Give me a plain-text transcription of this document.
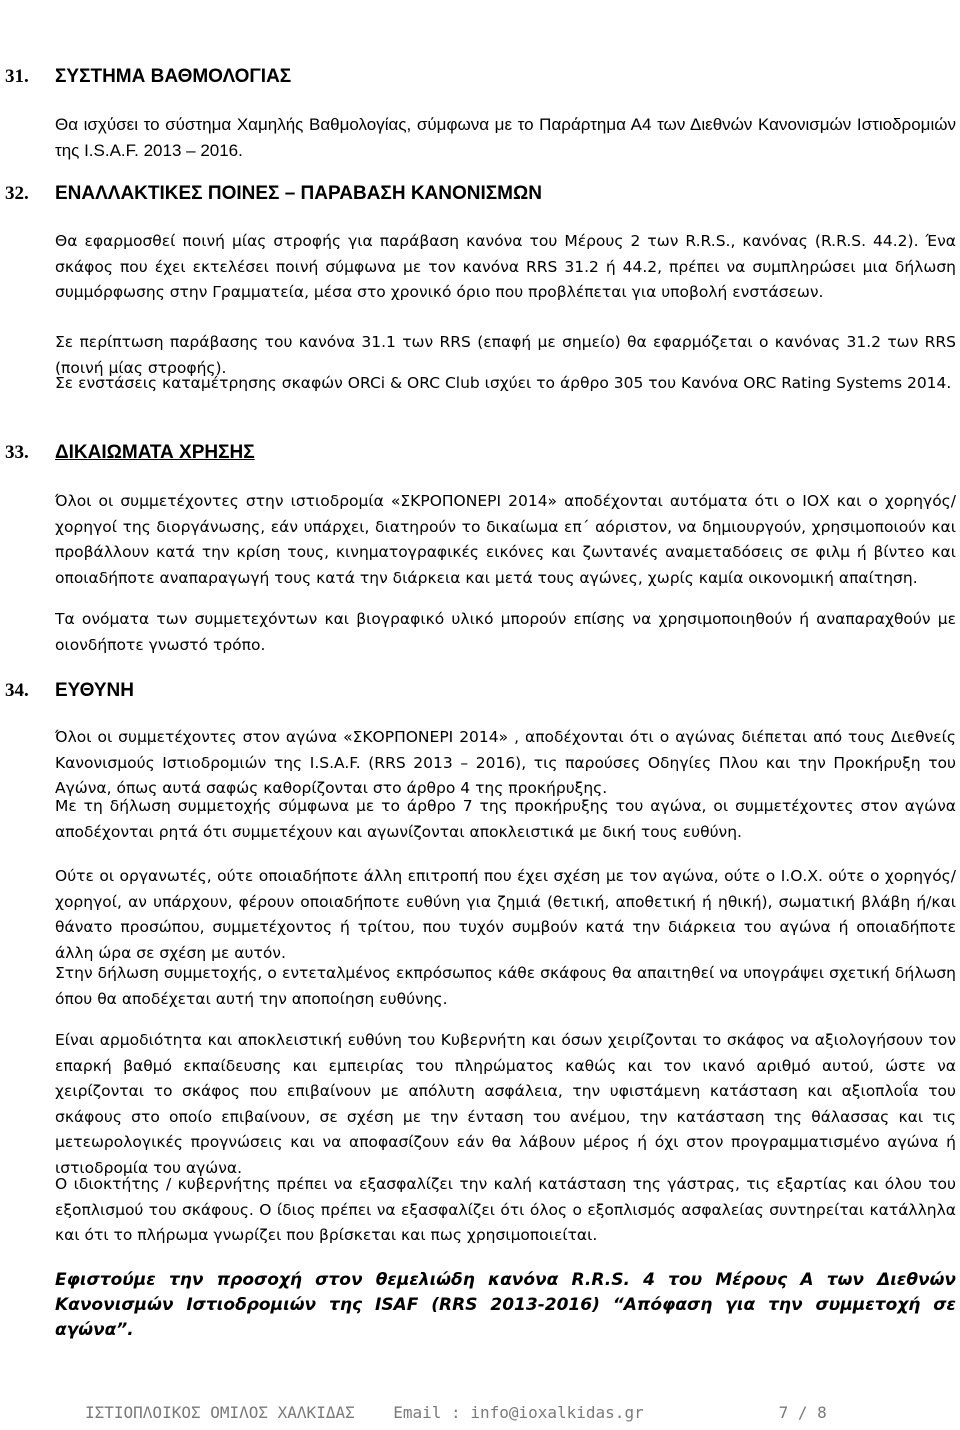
31. ΣΥΣΤΗΜΑ ΒΑΘΜΟΛΟΓΙΑΣ

Θα ισχύσει το σύστημα Χαμηλής Βαθμολογίας, σύμφωνα με το Παράρτημα Α4 των Διεθνών Κανονισμών Ιστιοδρομιών της I.S.A.F. 2013 – 2016.

32. ΕΝΑΛΛΑΚΤΙΚΕΣ ΠΟΙΝΕΣ – ΠΑΡΑΒΑΣΗ ΚΑΝΟΝΙΣΜΩΝ

Θα εφαρμοσθεί ποινή μίας στροφής για παράβαση κανόνα του Μέρους 2 των R.R.S., κανόνας (R.R.S. 44.2). Ένα σκάφος που έχει εκτελέσει ποινή σύμφωνα με τον κανόνα RRS 31.2 ή 44.2, πρέπει να συμπληρώσει μια δήλωση συμμόρφωσης στην Γραμματεία, μέσα στο χρονικό όριο που προβλέπεται για υποβολή ενστάσεων.

Σε περίπτωση παράβασης του κανόνα 31.1 των RRS (επαφή με σημείο) θα εφαρμόζεται ο κανόνας 31.2 των RRS (ποινή μίας στροφής).

Σε ενστάσεις καταμέτρησης σκαφών ORCi & ORC Club ισχύει το άρθρο 305 του Κανόνα ORC Rating Systems 2014.

33. ΔΙΚΑΙΩΜΑΤΑ ΧΡΗΣΗΣ

Όλοι οι συμμετέχοντες στην ιστιοδρομία «ΣΚΡΟΠΟΝΕΡΙ 2014» αποδέχονται αυτόματα ότι ο ΙΟΧ και ο χορηγός/χορηγοί της διοργάνωσης, εάν υπάρχει, διατηρούν το δικαίωμα επ΄ αόριστον, να δημιουργούν, χρησιμοποιούν και προβάλλουν κατά την κρίση τους, κινηματογραφικές εικόνες και ζωντανές αναμεταδόσεις σε φιλμ ή βίντεο και οποιαδήποτε αναπαραγωγή τους κατά την διάρκεια και μετά τους αγώνες, χωρίς καμία οικονομική απαίτηση.

Τα ονόματα των συμμετεχόντων και βιογραφικό υλικό μπορούν επίσης να χρησιμοποιηθούν ή αναπαραχθούν με οιονδήποτε γνωστό τρόπο.

34. ΕΥΘΥΝΗ

Όλοι οι συμμετέχοντες στον αγώνα «ΣΚΟΡΠΟΝΕΡΙ 2014» , αποδέχονται ότι ο αγώνας διέπεται από τους Διεθνείς Κανονισμούς Ιστιοδρομιών της I.S.A.F. (RRS 2013 – 2016), τις παρούσες Οδηγίες Πλου και την Προκήρυξη του Αγώνα, όπως αυτά σαφώς καθορίζονται στο άρθρο 4 της προκήρυξης.

Με τη δήλωση συμμετοχής σύμφωνα με το άρθρο 7 της προκήρυξης του αγώνα, οι συμμετέχοντες στον αγώνα αποδέχονται ρητά ότι συμμετέχουν και αγωνίζονται αποκλειστικά με δική τους ευθύνη.

Ούτε οι οργανωτές, ούτε οποιαδήποτε άλλη επιτροπή που έχει σχέση με τον αγώνα, ούτε ο Ι.Ο.Χ. ούτε ο χορηγός/χορηγοί, αν υπάρχουν, φέρουν οποιαδήποτε ευθύνη για ζημιά (θετική, αποθετική ή ηθική), σωματική βλάβη ή/και θάνατο προσώπου, συμμετέχοντος ή τρίτου, που τυχόν συμβούν κατά την διάρκεια του αγώνα ή οποιαδήποτε άλλη ώρα σε σχέση με αυτόν.

Στην δήλωση συμμετοχής, ο εντεταλμένος εκπρόσωπος κάθε σκάφους θα απαιτηθεί να υπογράψει σχετική δήλωση όπου θα αποδέχεται αυτή την αποποίηση ευθύνης.

Είναι αρμοδιότητα και αποκλειστική ευθύνη του Κυβερνήτη και όσων χειρίζονται το σκάφος να αξιολογήσουν τον επαρκή βαθμό εκπαίδευσης και εμπειρίας του πληρώματος καθώς και τον ικανό αριθμό αυτού, ώστε να χειρίζονται το σκάφος που επιβαίνουν με απόλυτη ασφάλεια, την υφιστάμενη κατάσταση και αξιοπλοΐα του σκάφους στο οποίο επιβαίνουν, σε σχέση με την ένταση του ανέμου, την κατάσταση της θάλασσας και τις μετεωρολογικές προγνώσεις και να αποφασίζουν εάν θα λάβουν μέρος ή όχι στον προγραμματισμένο αγώνα ή ιστιοδρομία του αγώνα.

Ο ιδιοκτήτης / κυβερνήτης πρέπει να εξασφαλίζει την καλή κατάσταση της γάστρας, τις εξαρτίας και όλου του εξοπλισμού του σκάφους. Ο ίδιος πρέπει να εξασφαλίζει ότι όλος ο εξοπλισμός ασφαλείας συντηρείται κατάλληλα και ότι το πλήρωμα γνωρίζει που βρίσκεται και πως χρησιμοποιείται.

Εφιστούμε την προσοχή στον θεμελιώδη κανόνα R.R.S. 4 του Μέρους Α των Διεθνών Κανονισμών Ιστιοδρομιών της ISAF (RRS 2013-2016) “Απόφαση για την συμμετοχή σε αγώνα”.

ΙΣΤΙΟΠΛΟΙΚΟΣ ΟΜΙΛΟΣ ΧΑΛΚΙΔΑΣ Email : info@ioxalkidas.gr	7 / 8
